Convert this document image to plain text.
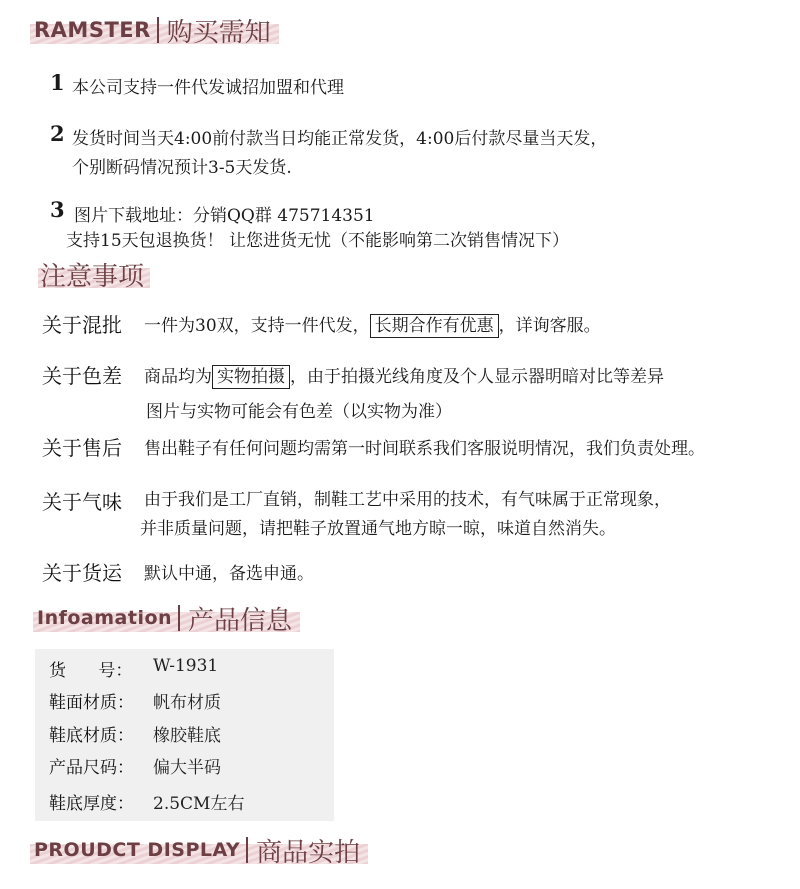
RAMSTER 购买需知
1 本公司支持一件代发诚招加盟和代理
2 发货时间当天4:00前付款当日均能正常发货，4:00后付款尽量当天发，
个别断码情况预计3-5天发货.
3 图片下载地址：分销QQ群 475714351
支持15天包退换货！ 让您进货无忧（不能影响第二次销售情况下）
注意事项
关于混批 一件为30双，支持一件代发， 长期合作有优惠 ，详询客服。
关于色差 商品均为 实物拍摄 ，由于拍摄光线角度及个人显示器明暗对比等差异
图片与实物可能会有色差（以实物为准）
关于售后 售出鞋子有任何问题均需第一时间联系我们客服说明情况，我们负责处理。
关于气味 由于我们是工厂直销，制鞋工艺中采用的技术，有气味属于正常现象，
并非质量问题，请把鞋子放置通气地方晾一晾，味道自然消失。
关于货运 默认中通，备选申通。
Infoamation 产品信息
货      号： W-1931
鞋面材质： 帆布材质
鞋底材质： 橡胶鞋底
产品尺码： 偏大半码
鞋底厚度： 2.5CM左右
PROUDCT DISPLAY 商品实拍
